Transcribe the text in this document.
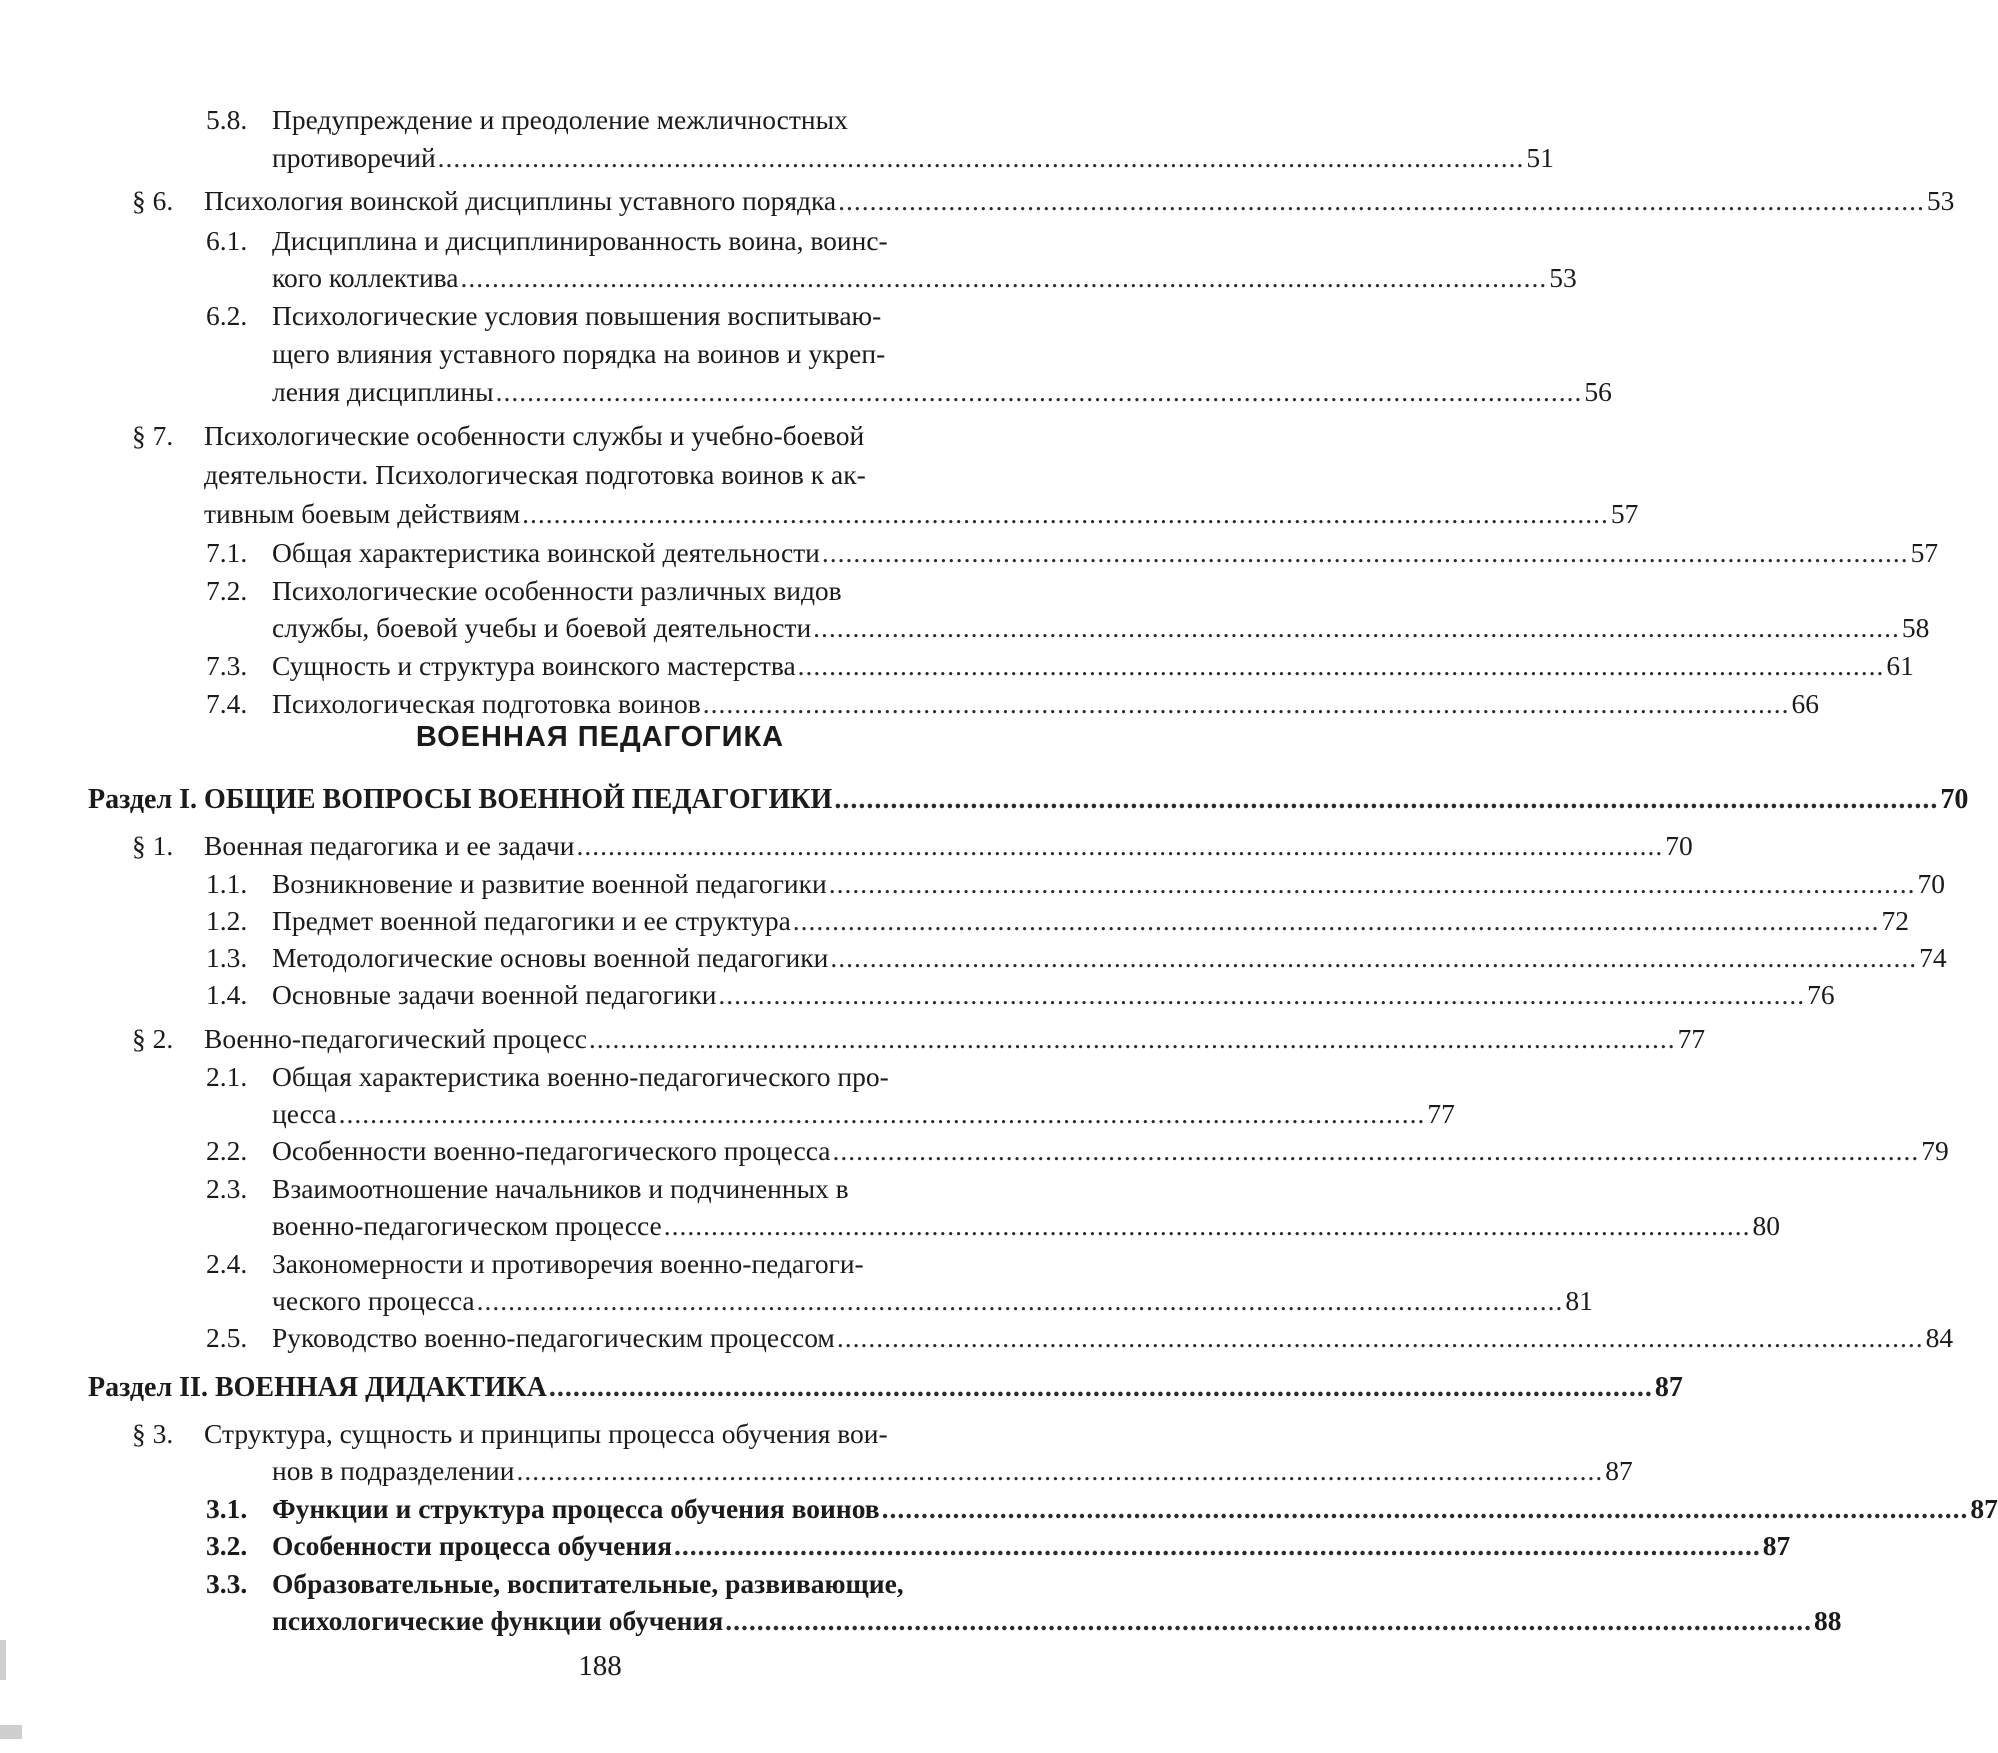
5.8. Предупреждение и преодоление межличностных
противоречий .......................................................................................................................................... 51
§ 6. Психология воинской дисциплины уставного порядка .......................................................................................................................................... 53
6.1. Дисциплина и дисциплинированность воина, воинс-
кого коллектива .......................................................................................................................................... 53
6.2. Психологические условия повышения воспитываю-
щего влияния уставного порядка на воинов и укреп-
ления дисциплины .......................................................................................................................................... 56
§ 7. Психологические особенности службы и учебно-боевой
деятельности. Психологическая подготовка воинов к ак-
тивным боевым действиям .......................................................................................................................................... 57
7.1. Общая характеристика воинской деятельности .......................................................................................................................................... 57
7.2. Психологические особенности различных видов
службы, боевой учебы и боевой деятельности .......................................................................................................................................... 58
7.3. Сущность и структура воинского мастерства .......................................................................................................................................... 61
7.4. Психологическая подготовка воинов .......................................................................................................................................... 66
ВОЕННАЯ ПЕДАГОГИКА
Раздел I. ОБЩИЕ ВОПРОСЫ ВОЕННОЙ ПЕДАГОГИКИ .......................................................................................................................................... 70
§ 1. Военная педагогика и ее задачи .......................................................................................................................................... 70
1.1. Возникновение и развитие военной педагогики .......................................................................................................................................... 70
1.2. Предмет военной педагогики и ее структура .......................................................................................................................................... 72
1.3. Методологические основы военной педагогики .......................................................................................................................................... 74
1.4. Основные задачи военной педагогики .......................................................................................................................................... 76
§ 2. Военно-педагогический процесс .......................................................................................................................................... 77
2.1. Общая характеристика военно-педагогического про-
цесса .......................................................................................................................................... 77
2.2. Особенности военно-педагогического процесса .......................................................................................................................................... 79
2.3. Взаимоотношение начальников и подчиненных в
военно-педагогическом процессе .......................................................................................................................................... 80
2.4. Закономерности и противоречия военно-педагоги-
ческого процесса .......................................................................................................................................... 81
2.5. Руководство военно-педагогическим процессом .......................................................................................................................................... 84
Раздел II. ВОЕННАЯ ДИДАКТИКА .......................................................................................................................................... 87
§ 3. Структура, сущность и принципы процесса обучения вои-
нов в подразделении .......................................................................................................................................... 87
3.1. Функции и структура процесса обучения воинов .......................................................................................................................................... 87
3.2. Особенности процесса обучения .......................................................................................................................................... 87
3.3. Образовательные, воспитательные, развивающие,
психологические функции обучения .......................................................................................................................................... 88
188
